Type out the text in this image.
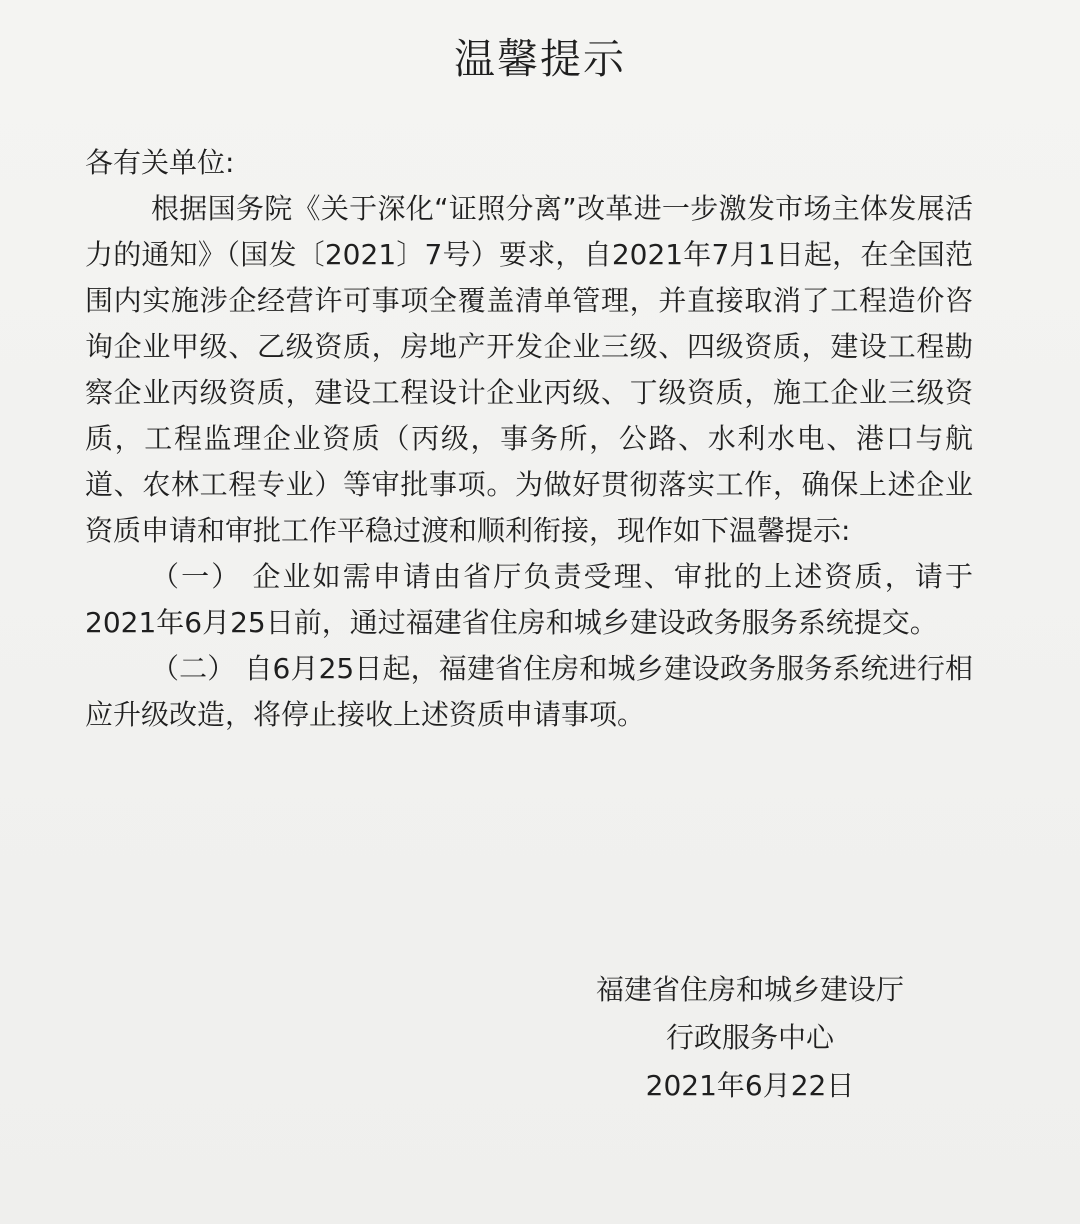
温馨提示

各有关单位:

根据国务院《关于深化“证照分离”改革进一步激发市场主体发展活力的通知》（国发〔2021〕7号）要求，自2021年7月1日起，在全国范围内实施涉企经营许可事项全覆盖清单管理，并直接取消了工程造价咨询企业甲级、乙级资质，房地产开发企业三级、四级资质，建设工程勘察企业丙级资质，建设工程设计企业丙级、丁级资质，施工企业三级资质，工程监理企业资质（丙级，事务所，公路、水利水电、港口与航道、农林工程专业）等审批事项。为做好贯彻落实工作，确保上述企业资质申请和审批工作平稳过渡和顺利衔接，现作如下温馨提示:

（一） 企业如需申请由省厅负责受理、审批的上述资质，请于2021年6月25日前，通过福建省住房和城乡建设政务服务系统提交。

（二） 自6月25日起，福建省住房和城乡建设政务服务系统进行相应升级改造，将停止接收上述资质申请事项。

福建省住房和城乡建设厅
行政服务中心
2021年6月22日
